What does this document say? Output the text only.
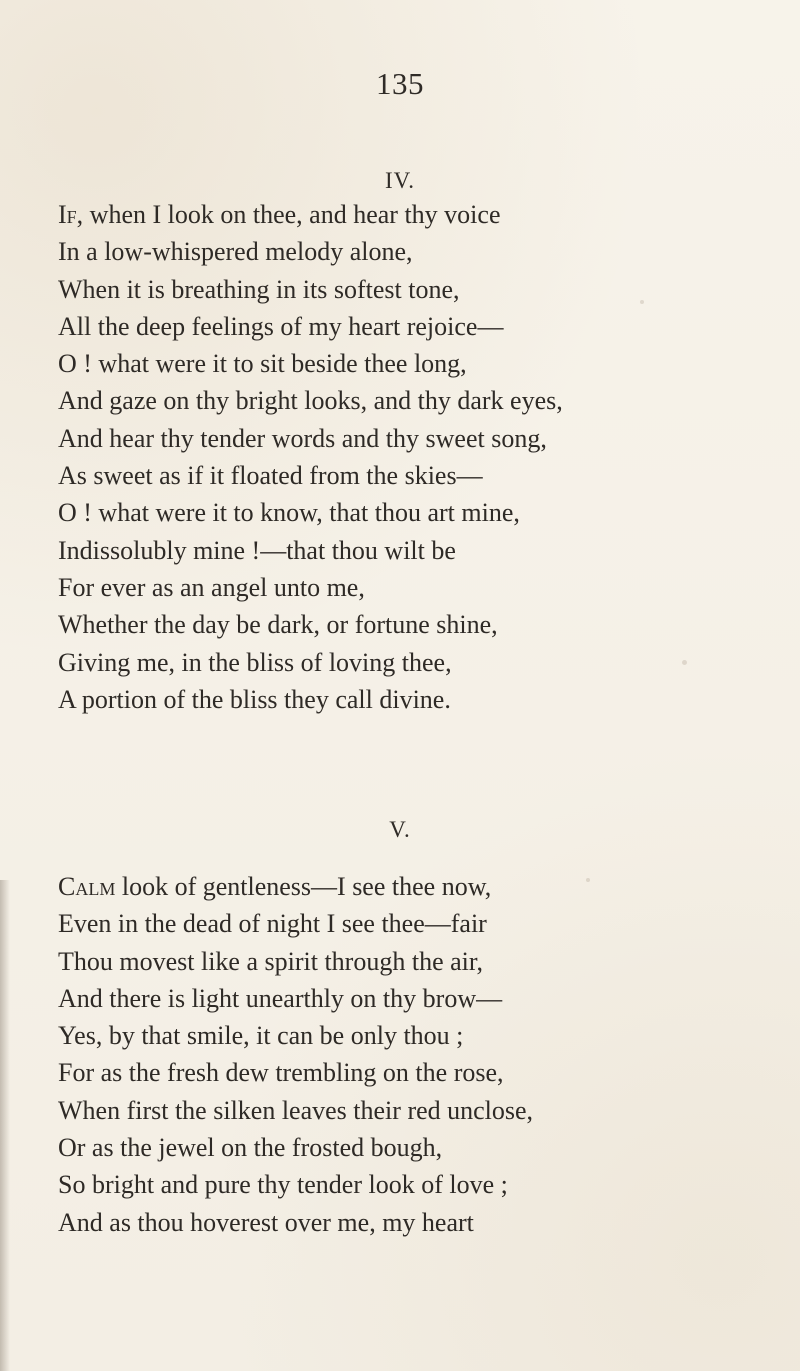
135
IV.
If, when I look on thee, and hear thy voice
In a low-whispered melody alone,
When it is breathing in its softest tone,
All the deep feelings of my heart rejoice—
O ! what were it to sit beside thee long,
And gaze on thy bright looks, and thy dark eyes,
And hear thy tender words and thy sweet song,
As sweet as if it floated from the skies—
O ! what were it to know, that thou art mine,
Indissolubly mine !—that thou wilt be
For ever as an angel unto me,
Whether the day be dark, or fortune shine,
Giving me, in the bliss of loving thee,
A portion of the bliss they call divine.
V.
Calm look of gentleness—I see thee now,
Even in the dead of night I see thee—fair
Thou movest like a spirit through the air,
And there is light unearthly on thy brow—
Yes, by that smile, it can be only thou ;
For as the fresh dew trembling on the rose,
When first the silken leaves their red unclose,
Or as the jewel on the frosted bough,
So bright and pure thy tender look of love ;
And as thou hoverest over me, my heart
